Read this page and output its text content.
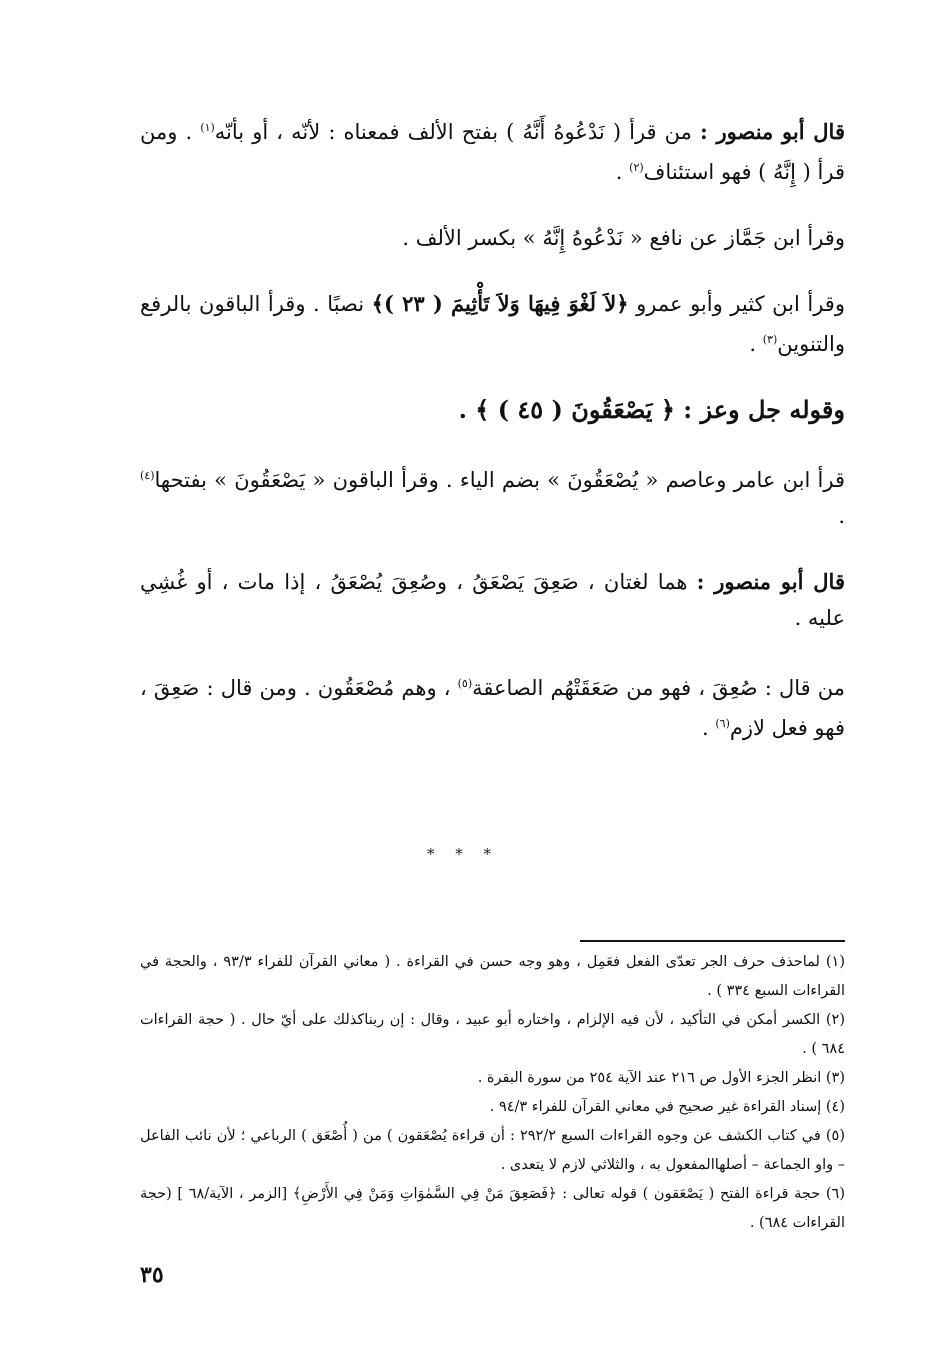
قال أبو منصور : من قرأ ( نَدْعُوهُ أَنَّهُ ) بفتح الألف فمعناه : لأنّه ، أو بأنّه$^{(١)}$ . ومن قرأ ( إِنَّهُ ) فهو استئناف$^{(٢)}$ .

وقرأ ابن جَمَّاز عن نافع « نَدْعُوهُ إِنَّهُ » بكسر الألف .

وقرأ ابن كثير وأبو عمرو ﴿لاَ لَغْوَ فِيهَا وَلاَ تَأْثِيمَ ( ٢٣ )﴾ نصبًا . وقرأ الباقون بالرفع والتنوين$^{(٣)}$ .

وقوله جل وعز : ﴿ يَصْعَقُونَ ( ٤٥ ) ﴾ .

قرأ ابن عامر وعاصم « يُصْعَقُونَ » بضم الياء . وقرأ الباقون « يَصْعَقُونَ » بفتحها$^{(٤)}$ .

قال أبو منصور : هما لغتان ، صَعِقَ يَصْعَقُ ، وصُعِقَ يُصْعَقُ ، إذا مات ، أو غُشِي عليه .

من قال : صُعِقَ ، فهو من صَعَقَتْهُم الصاعقة$^{(٥)}$ ، وهم مُصْعَقُون . ومن قال : صَعِقَ ، فهو فعل لازم$^{(٦)}$ .

* * *

(١) لماحذف حرف الجر تعدّى الفعل فعَمِل ، وهو وجه حسن في القراءة . ( معاني القرآن للفراء ٩٣/٣ ، والحجة في القراءات السبع ٣٣٤ ) .

(٢) الكسر أمكن في التأكيد ، لأن فيه الإلزام ، واختاره أبو عبيد ، وقال : إن ربناكذلك على أيّ حال . ( حجة القراءات ٦٨٤ ) .

(٣) انظر الجزء الأول ص ٢١٦ عند الآية ٢٥٤ من سورة البقرة .

(٤) إسناد القراءة غير صحيح في معاني القرآن للفراء ٩٤/٣ .

(٥) في كتاب الكشف عن وجوه القراءات السبع ٢٩٢/٢ : أن قراءة يُصْعَقون ) من ( أُصْعَق ) الرباعي ؛ لأن نائب الفاعل – واو الجماعة – أصلهاالمفعول به ، والثلاثي لازم لا يتعدى .

(٦) حجة قراءة الفتح ( يَصْعَقون ) قوله تعالى : ﴿فَصَعِقَ مَنْ فِي السَّمٰوَاتِ وَمَنْ فِي الأَرْضِ﴾ [الزمر ، الآية/٦٨ ] (حجة القراءات ٦٨٤) .

٣٥
